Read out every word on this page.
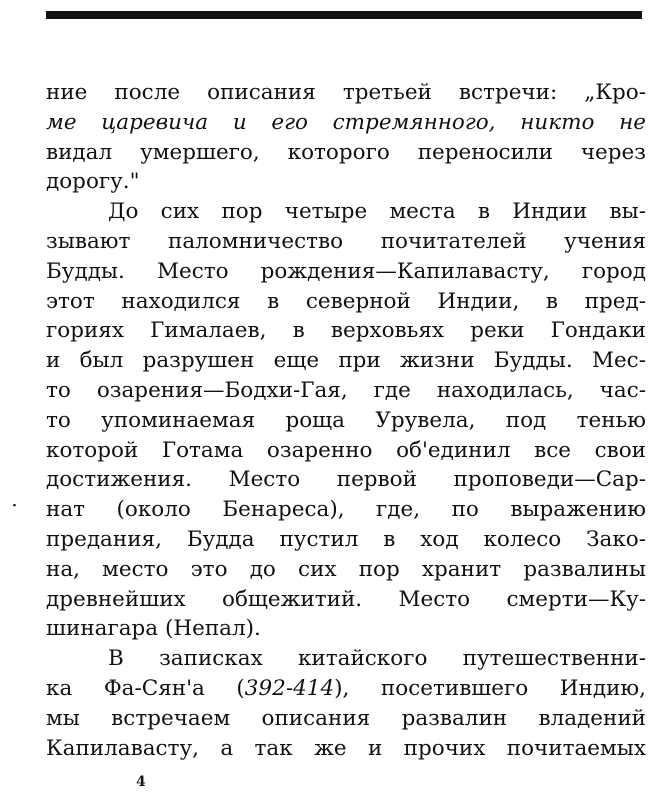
ние после описания третьей встречи: „Кро-
ме царевича и его стремянного, никто не
видал умершего, которого переносили через
дорогу."
До сих пор четыре места в Индии вы-
зывают паломничество почитателей учения
Будды. Место рождения—Капилавасту, город
этот находился в северной Индии, в пред-
гориях Гималаев, в верховьях реки Гондаки
и был разрушен еще при жизни Будды. Мес-
то озарения—Бодхи-Гая, где находилась, час-
то упоминаемая роща Урувела, под тенью
которой Готама озаренно об'единил все свои
достижения. Место первой проповеди—Сар-
нат (около Бенареса), где, по выражению
предания, Будда пустил в ход колесо Зако-
на, место это до сих пор хранит развалины
древнейших общежитий. Место смерти—Ку-
шинагара (Непал).
В записках китайского путешественни-
ка Фа-Сян'а (392-414), посетившего Индию,
мы встречаем описания развалин владений
Капилавасту, а так же и прочих почитаемых
·
4
